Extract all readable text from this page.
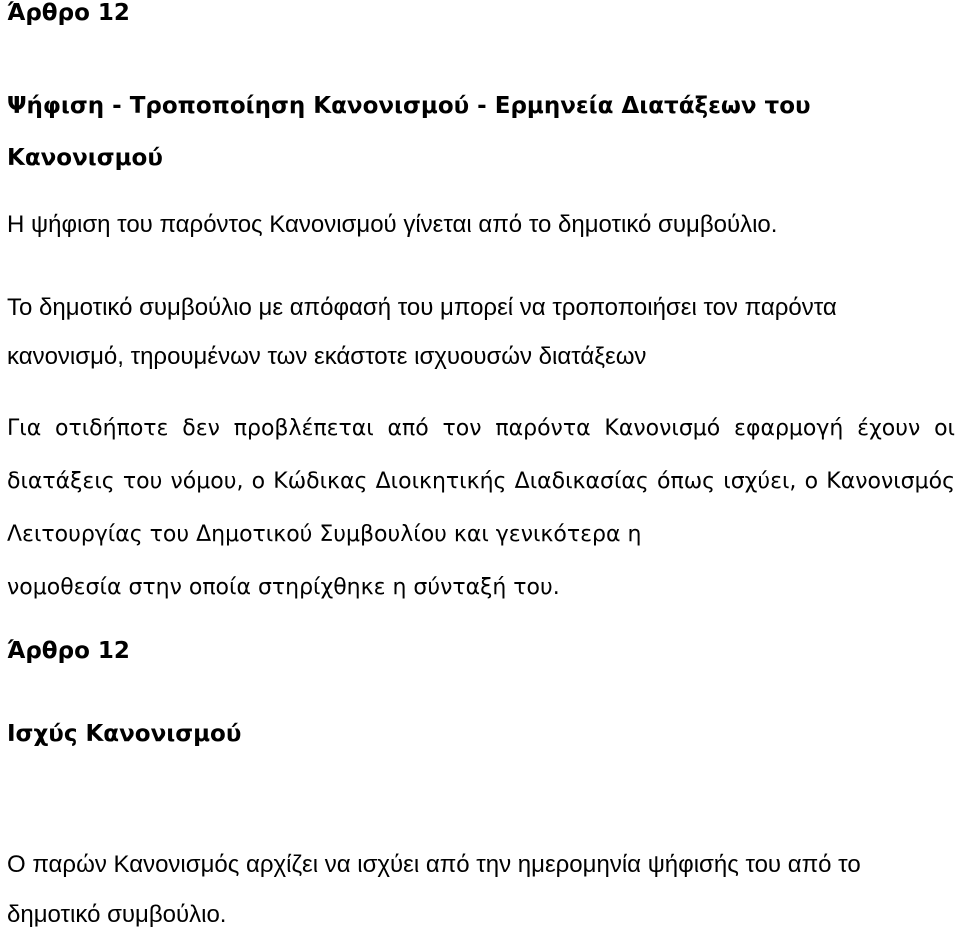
Άρθρο 12
Ψήφιση - Τροποποίηση Κανονισμού - Ερμηνεία Διατάξεων του Κανονισμού

Η ψήφιση του παρόντος Κανονισμού γίνεται από το δημοτικό συμβούλιο.

Το δημοτικό συμβούλιο με απόφασή του μπορεί να τροποποιήσει τον παρόντα κανονισμό, τηρουμένων των εκάστοτε ισχυουσών διατάξεων

Για οτιδήποτε δεν προβλέπεται από τον παρόντα Κανονισμό εφαρμογή έχουν οι διατάξεις του νόμου, ο Κώδικας Διοικητικής Διαδικασίας όπως ισχύει, ο Κανονισμός Λειτουργίας του Δημοτικού Συμβουλίου και γενικότερα η
νομοθεσία στην οποία στηρίχθηκε η σύνταξή του.
Άρθρο 12
Ισχύς Κανονισμού

Ο παρών Κανονισμός αρχίζει να ισχύει από την ημερομηνία ψήφισής του από το δημοτικό συμβούλιο.
